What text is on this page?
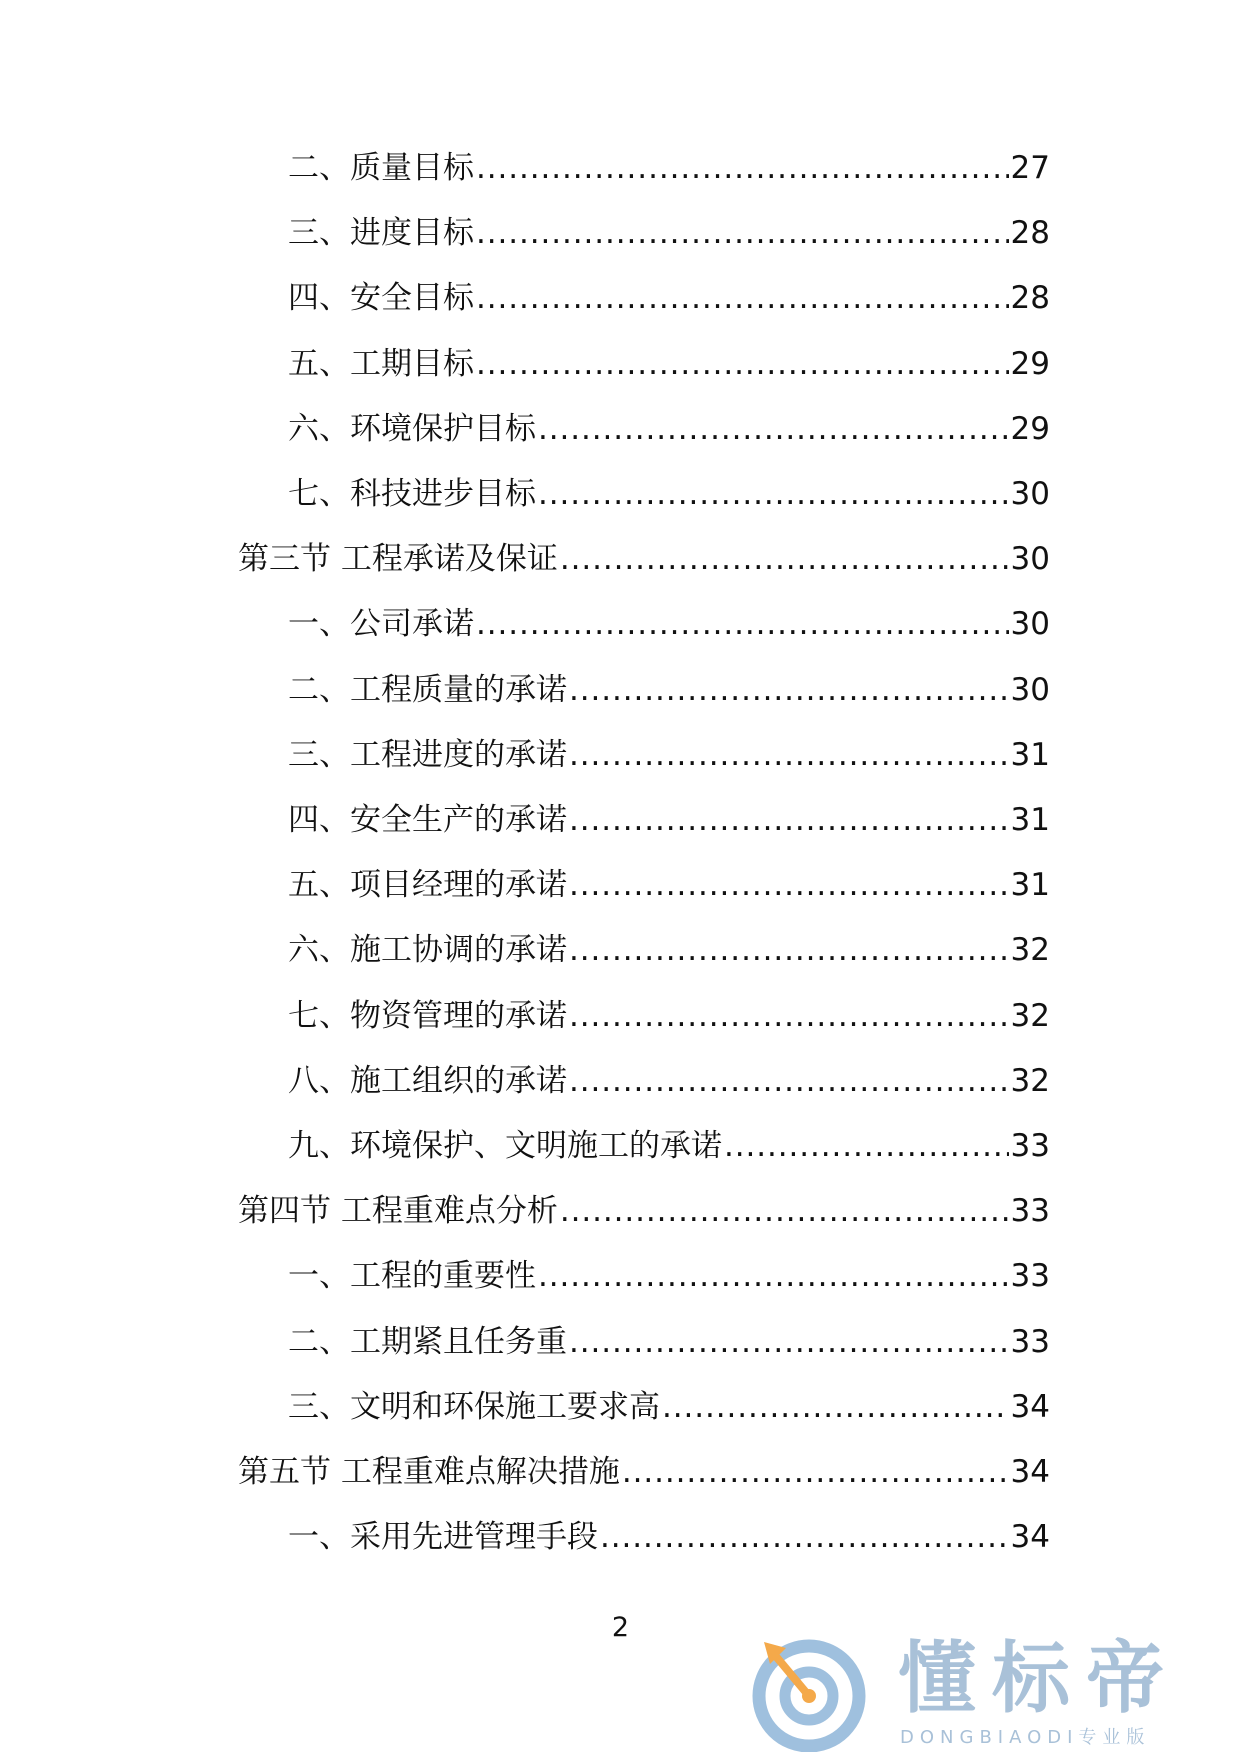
二、质量目标 .....	27
三、进度目标 .....	28
四、安全目标 .....	28
五、工期目标 .....	29
六、环境保护目标 .....	29
七、科技进步目标 .....	30
第三节 工程承诺及保证 .....	30
一、公司承诺 .....	30
二、工程质量的承诺 .....	30
三、工程进度的承诺 .....	31
四、安全生产的承诺 .....	31
五、项目经理的承诺 .....	31
六、施工协调的承诺 .....	32
七、物资管理的承诺 .....	32
八、施工组织的承诺 .....	32
九、环境保护、文明施工的承诺 .....	33
第四节 工程重难点分析 .....	33
一、工程的重要性 .....	33
二、工期紧且任务重 .....	33
三、文明和环保施工要求高 .....	34
第五节 工程重难点解决措施 .....	34
一、采用先进管理手段 .....	34
2
懂标帝
DONGBIAODI专业版
